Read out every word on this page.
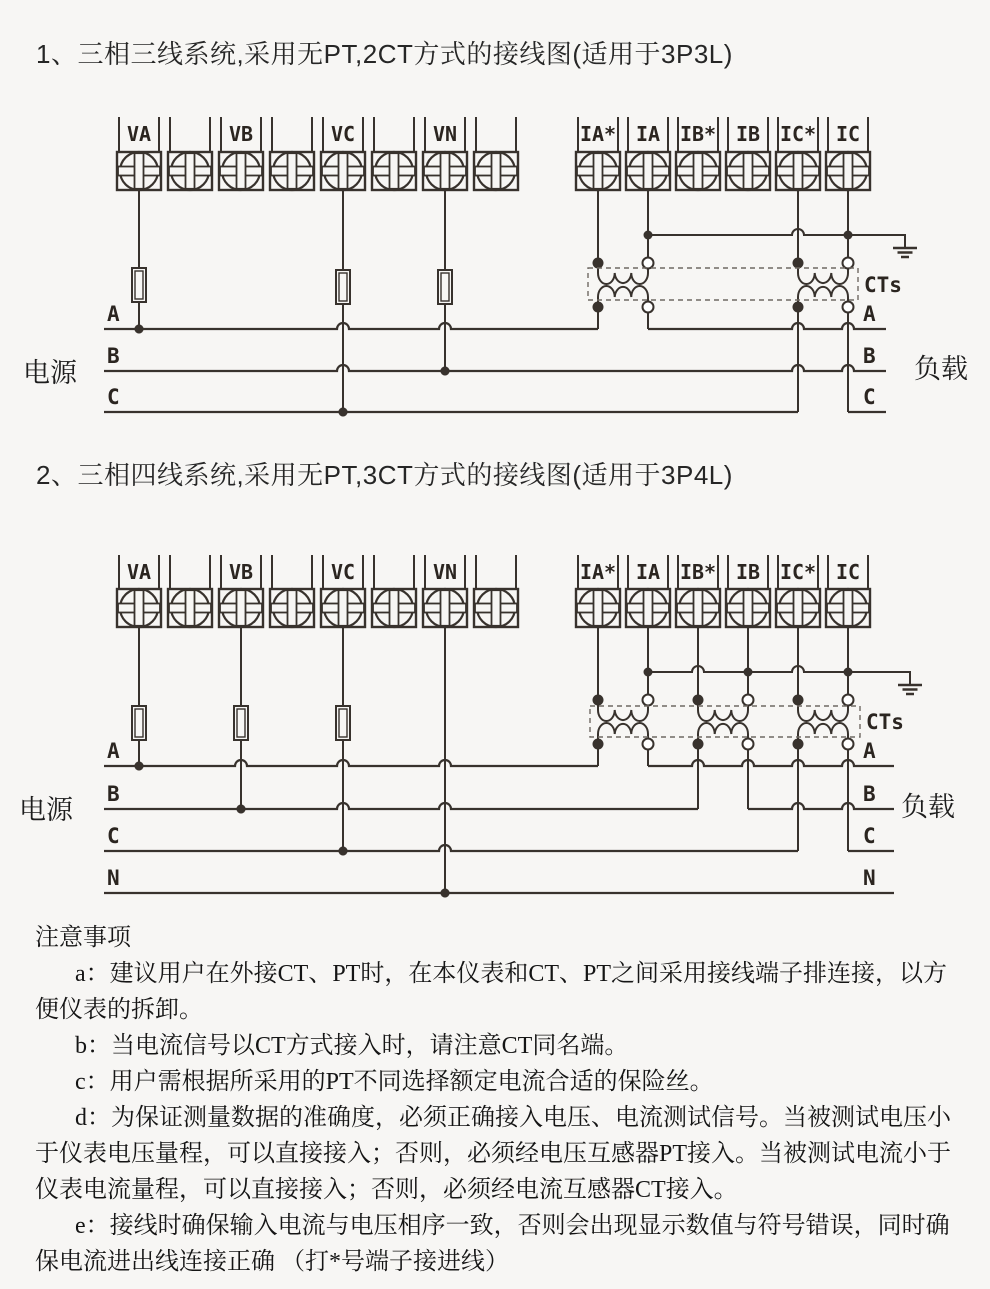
1、三相三线系统,采用无PT,2CT方式的接线图(适用于3P3L)
A	A
B	B
C	C
CTs
VA	VB	VC	VN	IA* IA IB* IB IC* IC
电源	负载
2、三相四线系统,采用无PT,3CT方式的接线图(适用于3P4L)
A	A
B	B
C	C
N	N
CTs
VA	VB	VC	VN	IA* IA IB* IB IC* IC
电源	负载
注意事项

a：建议用户在外接CT、PT时，在本仪表和CT、PT之间采用接线端子排连接，以方便仪表的拆卸。

b：当电流信号以CT方式接入时，请注意CT同名端。

c：用户需根据所采用的PT不同选择额定电流合适的保险丝。

d：为保证测量数据的准确度，必须正确接入电压、电流测试信号。当被测试电压小于仪表电压量程，可以直接接入；否则，必须经电压互感器PT接入。当被测试电流小于仪表电流量程，可以直接接入；否则，必须经电流互感器CT接入。

e：接线时确保输入电流与电压相序一致，否则会出现显示数值与符号错误，同时确保电流进出线连接正确 （打*号端子接进线）
